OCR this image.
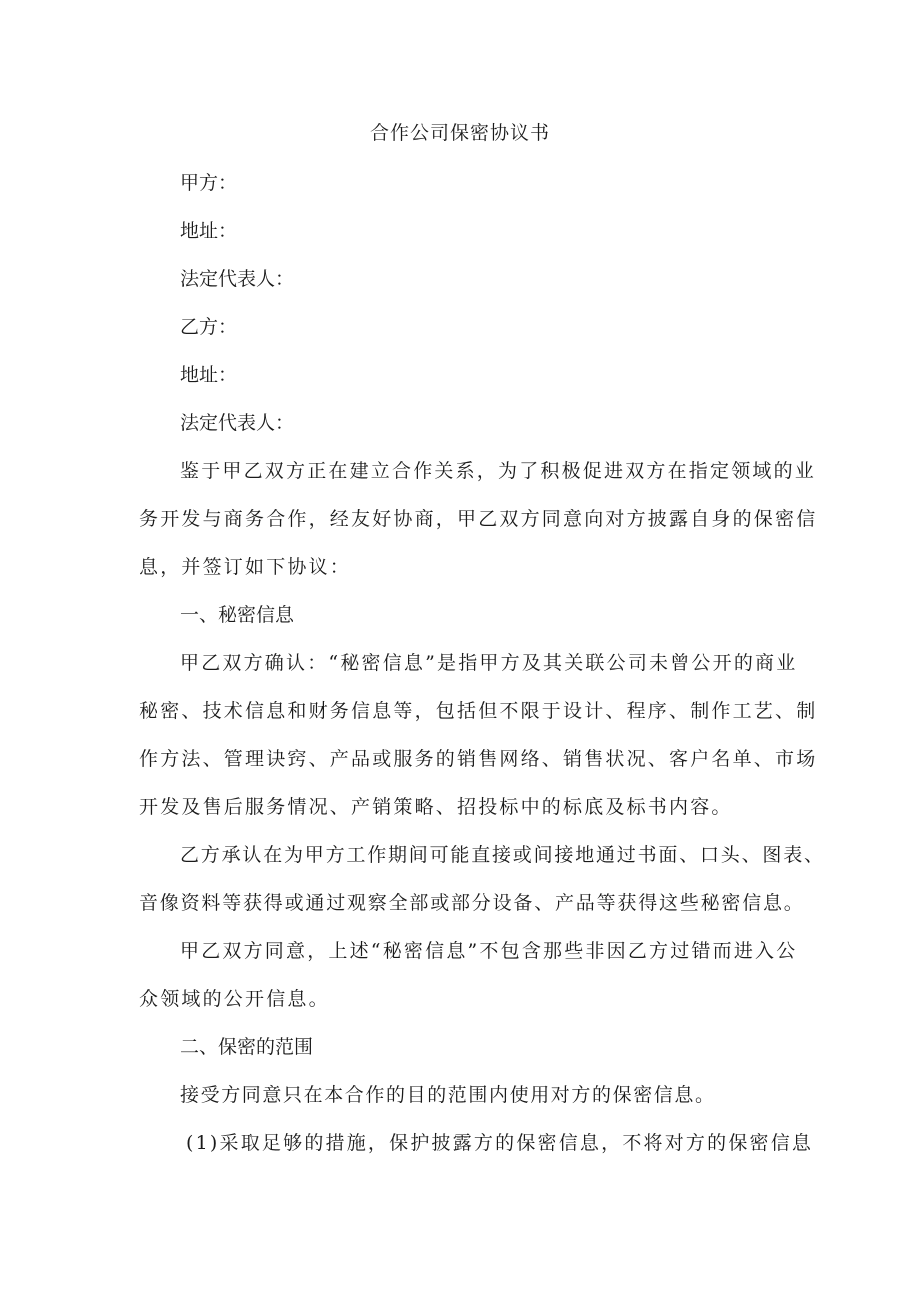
合作公司保密协议书
甲方：
地址：
法定代表人：
乙方：
地址：
法定代表人：
鉴于甲乙双方正在建立合作关系，为了积极促进双方在指定领域的业
务开发与商务合作，经友好协商，甲乙双方同意向对方披露自身的保密信
息，并签订如下协议：
一、秘密信息
甲乙双方确认：“秘密信息”是指甲方及其关联公司未曾公开的商业
秘密、技术信息和财务信息等，包括但不限于设计、程序、制作工艺、制
作方法、管理诀窍、产品或服务的销售网络、销售状况、客户名单、市场
开发及售后服务情况、产销策略、招投标中的标底及标书内容。
乙方承认在为甲方工作期间可能直接或间接地通过书面、口头、图表、
音像资料等获得或通过观察全部或部分设备、产品等获得这些秘密信息。
甲乙双方同意，上述“秘密信息”不包含那些非因乙方过错而进入公
众领域的公开信息。
二、保密的范围
接受方同意只在本合作的目的范围内使用对方的保密信息。
(1)采取足够的措施，保护披露方的保密信息，不将对方的保密信息
